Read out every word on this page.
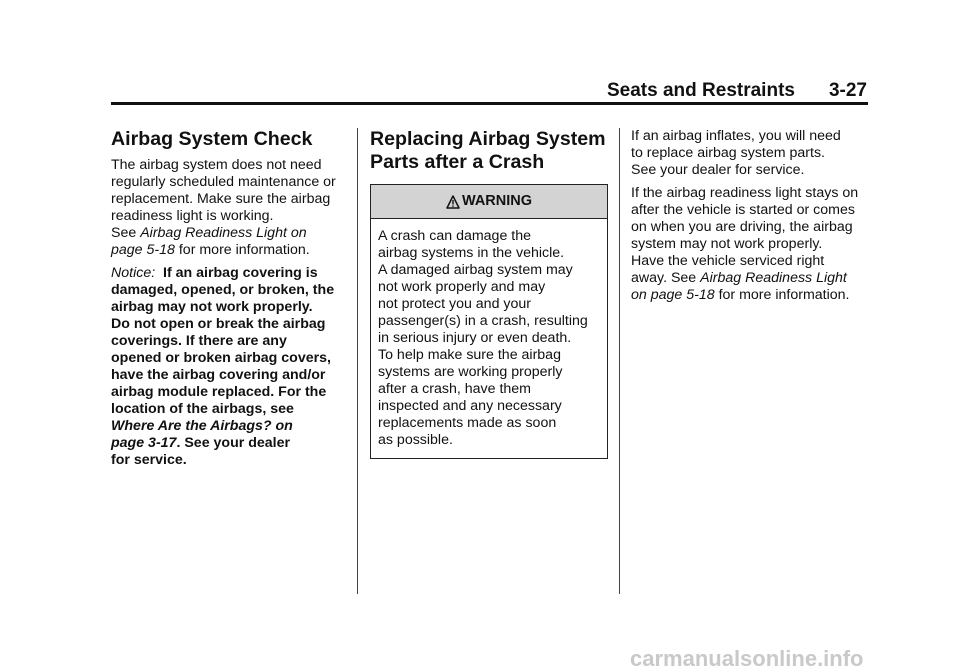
Seats and Restraints 3-27
Airbag System Check

The airbag system does not need
regularly scheduled maintenance or
replacement. Make sure the airbag
readiness light is working.
See Airbag Readiness Light on
page 5-18 for more information.

Notice: If an airbag covering is
damaged, opened, or broken, the
airbag may not work properly.
Do not open or break the airbag
coverings. If there are any
opened or broken airbag covers,
have the airbag covering and/or
airbag module replaced. For the
location of the airbags, see
Where Are the Airbags? on
page 3-17. See your dealer
for service.

Replacing Airbag System
Parts after a Crash
WARNING
A crash can damage the
airbag systems in the vehicle.
A damaged airbag system may
not work properly and may
not protect you and your
passenger(s) in a crash, resulting
in serious injury or even death.
To help make sure the airbag
systems are working properly
after a crash, have them
inspected and any necessary
replacements made as soon
as possible.

If an airbag inflates, you will need
to replace airbag system parts.
See your dealer for service.

If the airbag readiness light stays on
after the vehicle is started or comes
on when you are driving, the airbag
system may not work properly.
Have the vehicle serviced right
away. See Airbag Readiness Light
on page 5-18 for more information.

carmanualsonline.info
